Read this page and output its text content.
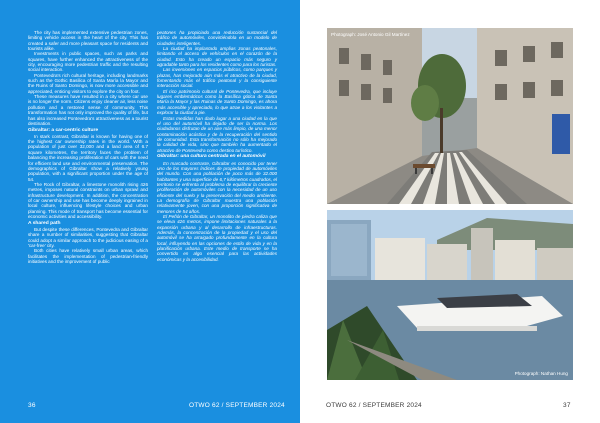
The city has implemented extensive pedestrian zones, limiting vehicle access in the heart of the city. This has created a safer and more pleasant space for residents and tourists alike.

Investments in public spaces, such as parks and squares, have further enhanced the attractiveness of the city, encouraging more pedestrian traffic and the resulting social interaction.

Pontevedra's rich cultural heritage, including landmarks such as the Gothic Basilica of Santa María la Mayor and the Ruins of Santo Domingo, is now more accessible and appreciated, enticing visitors to explore the city on foot.

These measures have resulted in a city where car use is no longer the norm. Citizens enjoy cleaner air, less noise pollution and a restored sense of community. This transformation has not only improved the quality of life, but has also increased Pontevedra's attractiveness as a tourist destination.

Gibraltar: a car-centric culture

In stark contrast, Gibraltar is known for having one of the highest car ownership rates in the world. With a population of just over 32,000 and a land area of 6.7 square kilometres, the territory faces the problem of balancing the increasing proliferation of cars with the need for efficient land use and environmental preservation. The demographics of Gibraltar show a relatively young population, with a significant proportion under the age of 54.

The Rock of Gibraltar, a limestone monolith rising 426 metres, imposes natural constraints on urban sprawl and infrastructure development. In addition, the concentration of car ownership and use has become deeply ingrained in local culture, influencing lifestyle choices and urban planning. This mode of transport has become essential for economic activities and accessibility.

A shared path

But despite these differences, Pontevedra and Gibraltar share a number of similarities, suggesting that Gibraltar could adopt a similar approach to the judicious easing of a 'car-free' city.

Both cities have relatively small urban areas, which facilitates the implementation of pedestrian-friendly initiatives and the improvement of public

peatones ha propiciado una reducción sustancial del tráfico de automóviles, convirtiéndola en un modelo de ciudades inteligentes.

La ciudad ha implantado amplias zonas peatonales, limitando el acceso de vehículos en el corazón de la ciudad. Esto ha creado un espacio más seguro y agradable tanto para los residentes como para los turistas.

Las inversiones en espacios públicos, como parques y plazas, han mejorado aún más el atractivo de la ciudad, fomentando más el tráfico peatonal y la consiguiente interacción social.

El rico patrimonio cultural de Pontevedra, que incluye lugares emblemáticos como la Basílica gótica de Santa María la Mayor y las Ruinas de Santo Domingo, es ahora más accesible y apreciado, lo que atrae a los visitantes a explorar la ciudad a pie.

Estas medidas han dado lugar a una ciudad en la que el uso del automóvil ha dejado de ser la norma. Los ciudadanos disfrutan de un aire más limpio, de una menor contaminación acústica y de la recuperación del sentido de comunidad. Esta transformación no sólo ha mejorado la calidad de vida, sino que también ha aumentado el atractivo de Pontevedra como destino turístico.

Gibraltar: una cultura centrada en el automóvil

En marcado contraste, Gibraltar es conocido por tener uno de los mayores índices de propiedad de automóviles del mundo. Con una población de poco más de 32.000 habitantes y una superficie de 6,7 kilómetros cuadrados, el territorio se enfrenta al problema de equilibrar la creciente proliferación de automóviles con la necesidad de un uso eficiente del suelo y la preservación del medio ambiente. La demografía de Gibraltar muestra una población relativamente joven, con una proporción significativa de menores de 54 años.

El Peñón de Gibraltar, un monolito de piedra caliza que se eleva 426 metros, impone limitaciones naturales a la expansión urbana y al desarrollo de infraestructuras. Además, la concentración de la propiedad y el uso del automóvil se ha arraigado profundamente en la cultura local, influyendo en las opciones de estilo de vida y en la planificación urbana. Este medio de transporte se ha convertido en algo esencial para las actividades económicas y la accesibilidad.

36	OTWO 62 / SEPTEMBER 2024
Photograph: José Antonio Gil Martínez
Photograph: Nathan Hung
OTWO 62 / SEPTEMBER 2024	37
